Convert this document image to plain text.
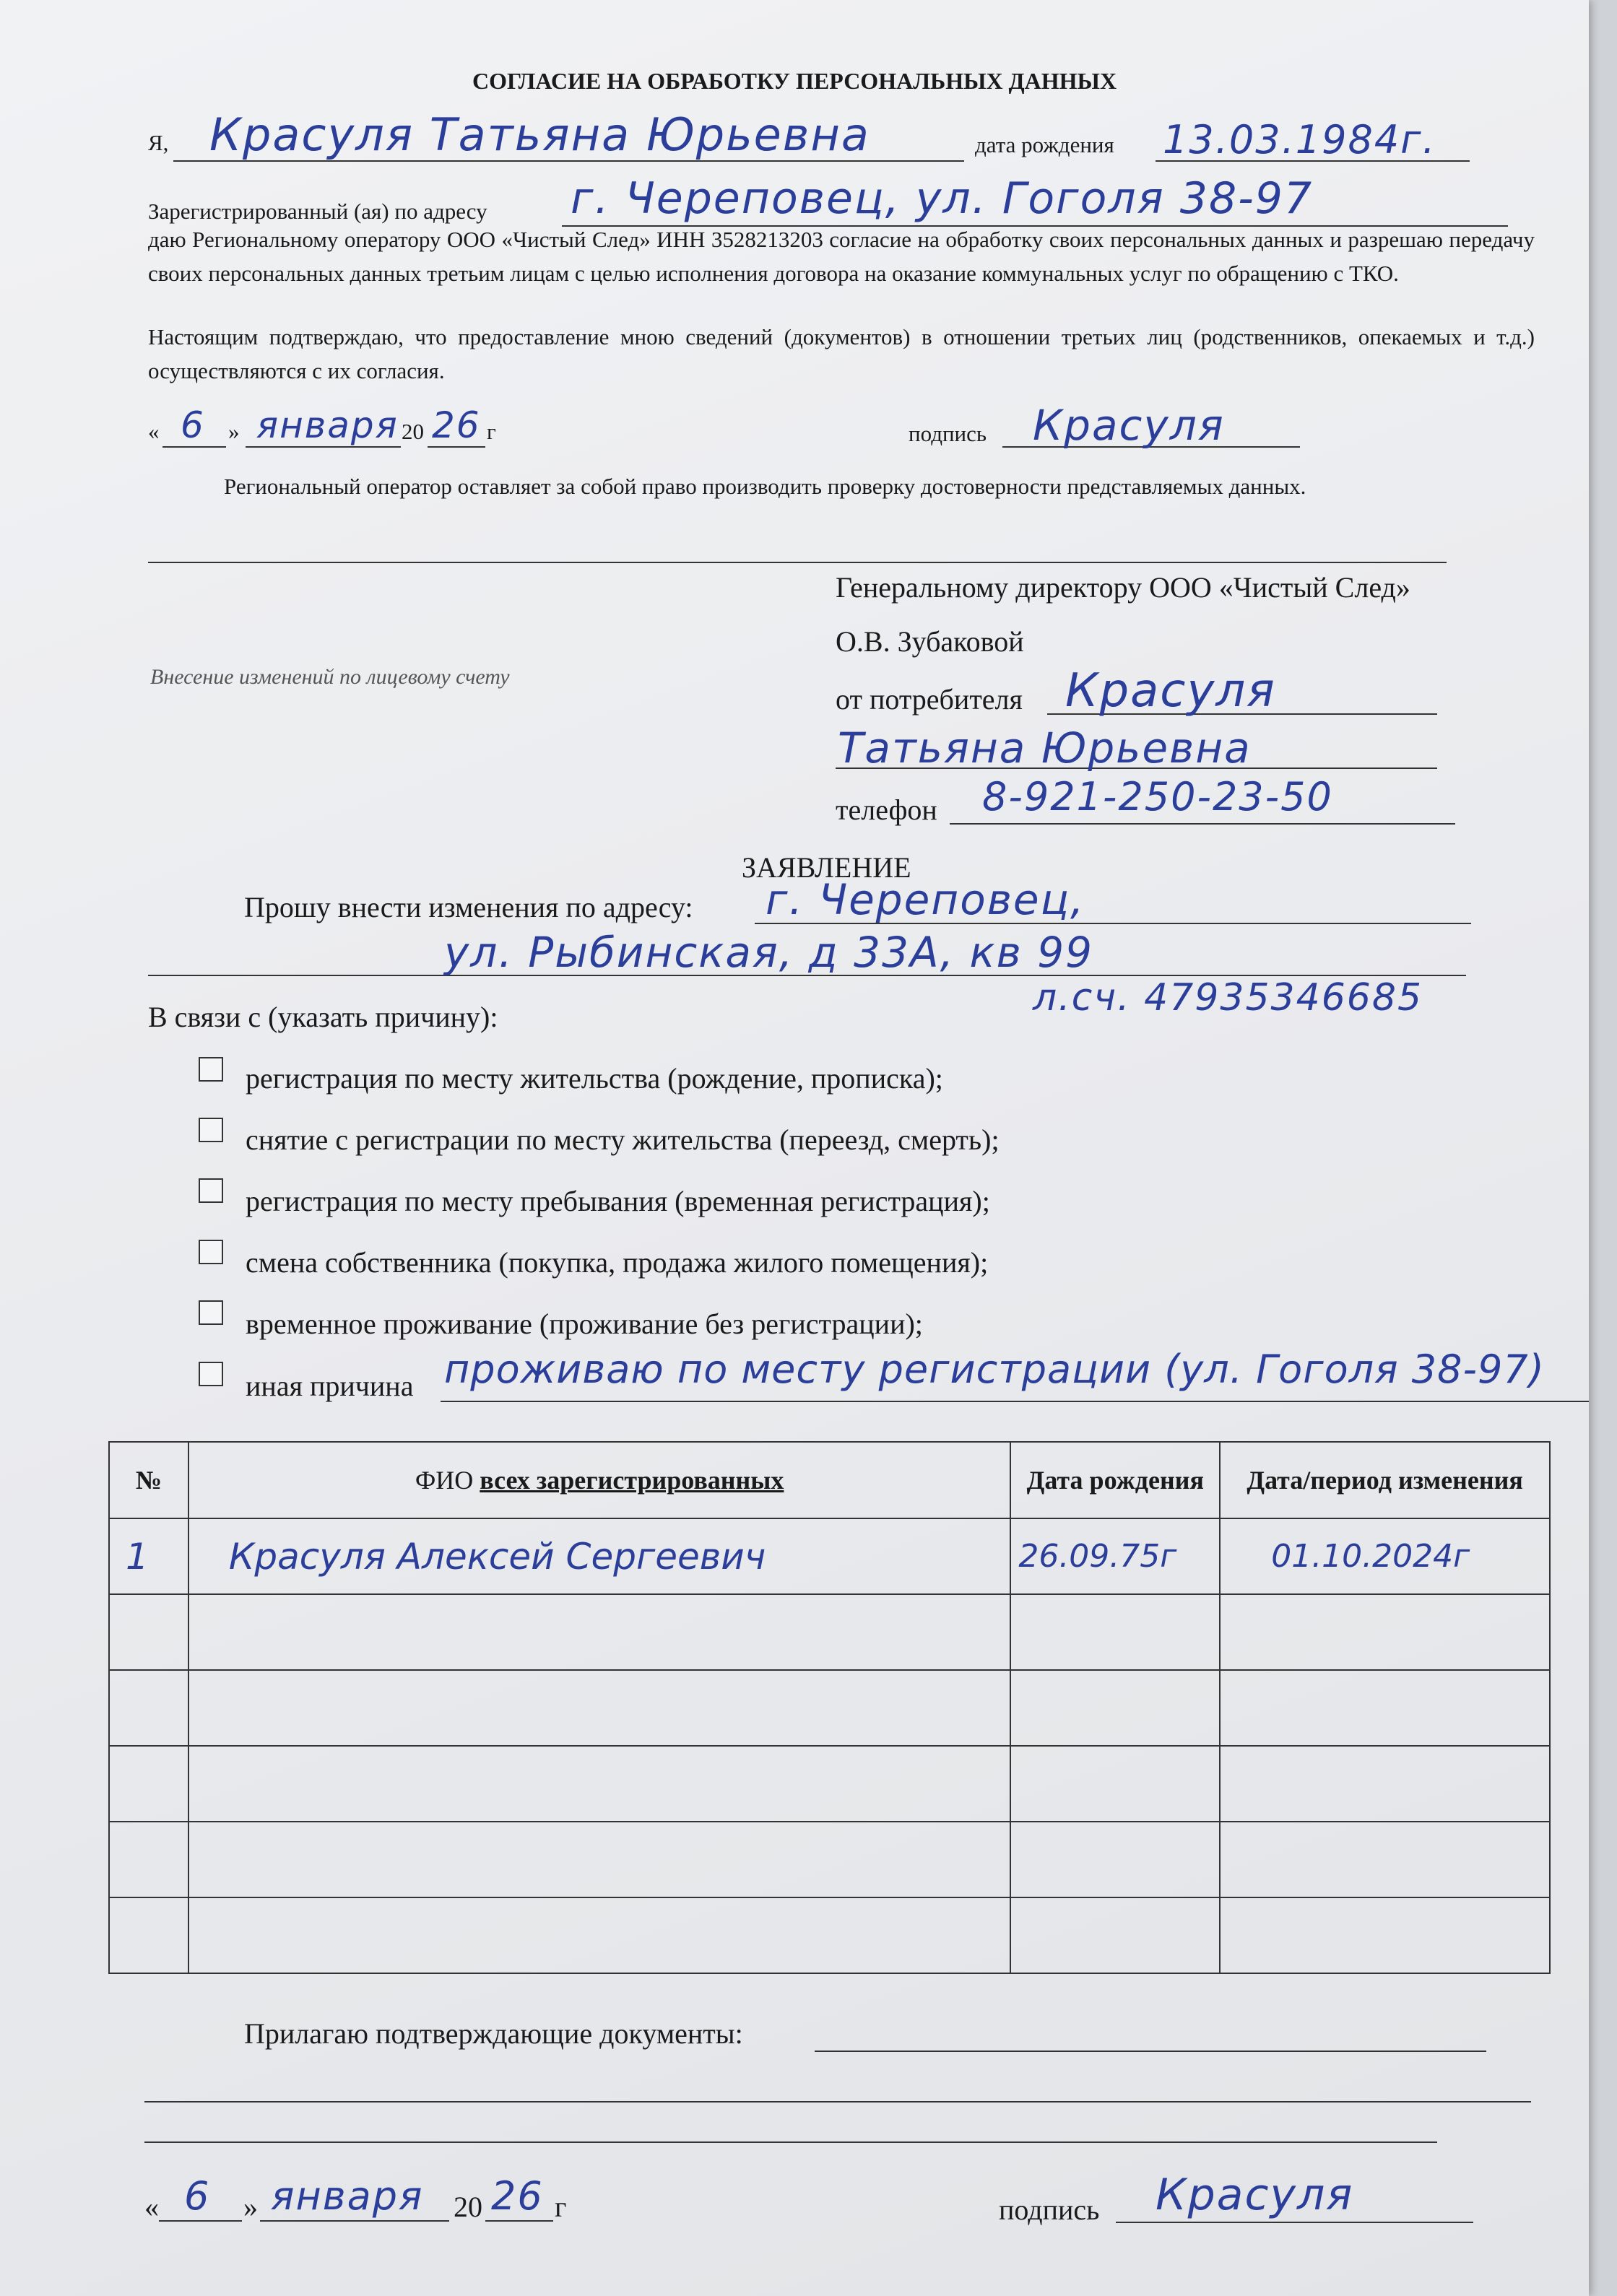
СОГЛАСИЕ НА ОБРАБОТКУ ПЕРСОНАЛЬНЫХ ДАННЫХ
Я, Красуля Татьяна Юрьевна	дата рождения 13.03.1984г.
Зарегистрированный (ая) по адресу г. Череповец, ул. Гоголя 38-97
даю Региональному оператору ООО «Чистый След» ИНН 3528213203 согласие на обработку своих персональных данных и разрешаю передачу своих персональных данных третьим лицам с целью исполнения договора на оказание коммунальных услуг по обращению с ТКО.
Настоящим подтверждаю, что предоставление мною сведений (документов) в отношении третьих лиц (родственников, опекаемых и т.д.) осуществляются с их согласия.
« 6 » января 20 26 г	подпись Красуля
Региональный оператор оставляет за собой право производить проверку достоверности представляемых данных.
Генеральному директору ООО «Чистый След»
О.В. Зубаковой
Внесение изменений по лицевому счету
от потребителя Красуля
Татьяна Юрьевна
телефон 8-921-250-23-50
ЗАЯВЛЕНИЕ
Прошу внести изменения по адресу: г. Череповец,
ул. Рыбинская, д 33А, кв 99
л.сч. 47935346685
В связи с (указать причину):
регистрация по месту жительства (рождение, прописка);
снятие с регистрации по месту жительства (переезд, смерть);
регистрация по месту пребывания (временная регистрация);
смена собственника (покупка, продажа жилого помещения);
временное проживание (проживание без регистрации);
иная причина проживаю по месту регистрации (ул. Гоголя 38-97)
№	ФИО всех зарегистрированных	Дата рождения	Дата/период изменения
1	Красуля Алексей Сергеевич	26.09.75г	01.10.2024г

Прилагаю подтверждающие документы:
« 6 » января 20 26 г	подпись Красуля
